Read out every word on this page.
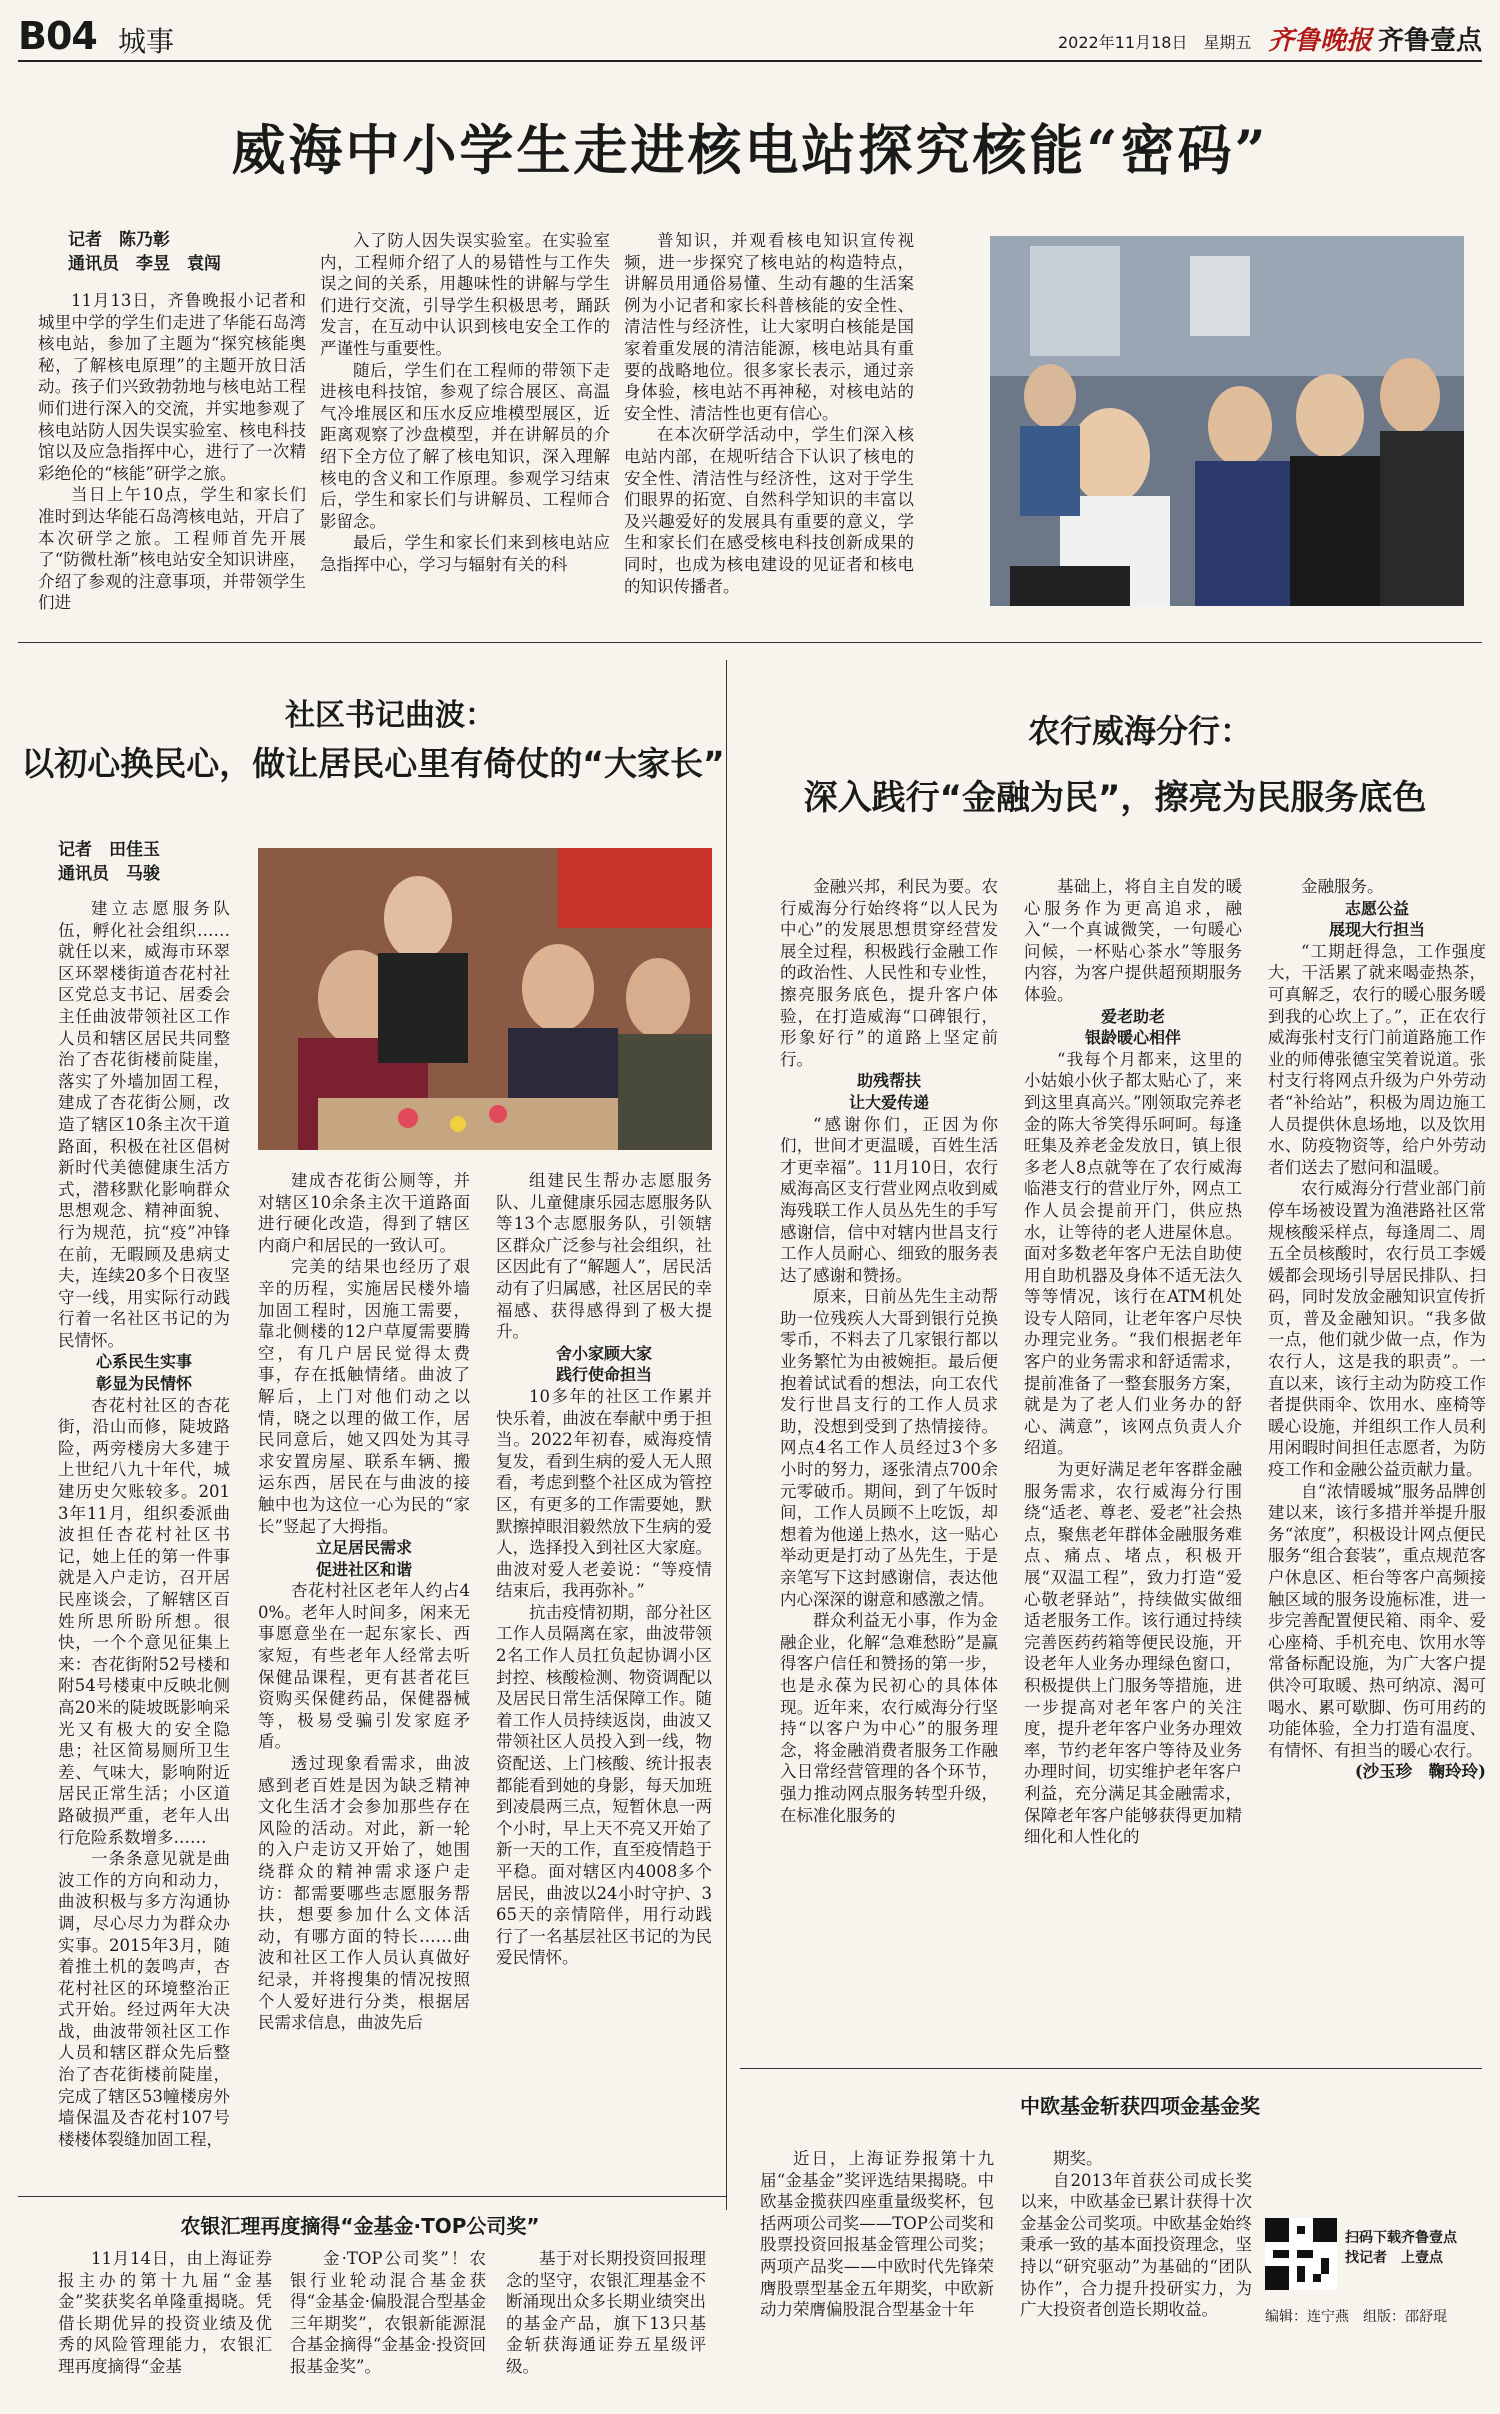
B04 城事	2022年11月18日　星期五 齐鲁晚报 齐鲁壹点
威海中小学生走进核电站探究核能“密码”
记者　陈乃彰
通讯员　李昱　袁闯

11月13日，齐鲁晚报小记者和城里中学的学生们走进了华能石岛湾核电站，参加了主题为“探究核能奥秘，了解核电原理”的主题开放日活动。孩子们兴致勃勃地与核电站工程师们进行深入的交流，并实地参观了核电站防人因失误实验室、核电科技馆以及应急指挥中心，进行了一次精彩绝伦的“核能”研学之旅。

当日上午10点，学生和家长们准时到达华能石岛湾核电站，开启了本次研学之旅。工程师首先开展了“防微杜渐”核电站安全知识讲座，介绍了参观的注意事项，并带领学生们进

入了防人因失误实验室。在实验室内，工程师介绍了人的易错性与工作失误之间的关系，用趣味性的讲解与学生们进行交流，引导学生积极思考，踊跃发言，在互动中认识到核电安全工作的严谨性与重要性。

随后，学生们在工程师的带领下走进核电科技馆，参观了综合展区、高温气冷堆展区和压水反应堆模型展区，近距离观察了沙盘模型，并在讲解员的介绍下全方位了解了核电知识，深入理解核电的含义和工作原理。参观学习结束后，学生和家长们与讲解员、工程师合影留念。

最后，学生和家长们来到核电站应急指挥中心，学习与辐射有关的科

普知识，并观看核电知识宣传视频，进一步探究了核电站的构造特点，讲解员用通俗易懂、生动有趣的生活案例为小记者和家长科普核能的安全性、清洁性与经济性，让大家明白核能是国家着重发展的清洁能源，核电站具有重要的战略地位。很多家长表示，通过亲身体验，核电站不再神秘，对核电站的安全性、清洁性也更有信心。

在本次研学活动中，学生们深入核电站内部，在规听结合下认识了核电的安全性、清洁性与经济性，这对于学生们眼界的拓宽、自然科学知识的丰富以及兴趣爱好的发展具有重要的意义，学生和家长们在感受核电科技创新成果的同时，也成为核电建设的见证者和核电的知识传播者。

社区书记曲波：
以初心换民心，做让居民心里有倚仗的“大家长”
记者　田佳玉
通讯员　马骏

建立志愿服务队伍，孵化社会组织……就任以来，威海市环翠区环翠楼街道杏花村社区党总支书记、居委会主任曲波带领社区工作人员和辖区居民共同整治了杏花街楼前陡崖，落实了外墙加固工程，建成了杏花街公厕，改造了辖区10条主次干道路面，积极在社区倡树新时代美德健康生活方式，潜移默化影响群众思想观念、精神面貌、行为规范，抗“疫”冲锋在前，无暇顾及患病丈夫，连续20多个日夜坚守一线，用实际行动践行着一名社区书记的为民情怀。

心系民生实事

彰显为民情怀

杏花村社区的杏花街，沿山而修，陡坡路险，两旁楼房大多建于上世纪八九十年代，城建历史欠账较多。2013年11月，组织委派曲波担任杏花村社区书记，她上任的第一件事就是入户走访，召开居民座谈会，了解辖区百姓所思所盼所想。很快，一个个意见征集上来：杏花街附52号楼和附54号楼東中反映北侧高20米的陡坡既影响采光又有极大的安全隐患；社区简易厕所卫生差、气味大，影响附近居民正常生活；小区道路破损严重，老年人出行危险系数增多……

一条条意见就是曲波工作的方向和动力，曲波积极与多方沟通协调，尽心尽力为群众办实事。2015年3月，随着推土机的轰鸣声，杏花村社区的环境整治正式开始。经过两年大决战，曲波带领社区工作人员和辖区群众先后整治了杏花街楼前陡崖，完成了辖区53幢楼房外墙保温及杏花村107号楼楼体裂缝加固工程，

建成杏花街公厕等，并对辖区10余条主次干道路面进行硬化改造，得到了辖区内商户和居民的一致认可。

完美的结果也经历了艰辛的历程，实施居民楼外墙加固工程时，因施工需要，靠北侧楼的12户草厦需要腾空，有几户居民觉得太费事，存在抵触情绪。曲波了解后，上门对他们动之以情，晓之以理的做工作，居民同意后，她又四处为其寻求安置房屋、联系车辆、搬运东西，居民在与曲波的接触中也为这位一心为民的“家长”竖起了大拇指。

立足居民需求

促进社区和谐

杏花村社区老年人约占40%。老年人时间多，闲来无事愿意坐在一起东家长、西家短，有些老年人经常去听保健品课程，更有甚者花巨资购买保健药品，保健器械等，极易受骗引发家庭矛盾。

透过现象看需求，曲波感到老百姓是因为缺乏精神文化生活才会参加那些存在风险的活动。对此，新一轮的入户走访又开始了，她围绕群众的精神需求逐户走访：都需要哪些志愿服务帮扶，想要参加什么文体活动，有哪方面的特长……曲波和社区工作人员认真做好纪录，并将搜集的情况按照个人爱好进行分类，根据居民需求信息，曲波先后

组建民生帮办志愿服务队、儿童健康乐园志愿服务队等13个志愿服务队，引领辖区群众广泛参与社会组织，社区因此有了“解题人”，居民活动有了归属感，社区居民的幸福感、获得感得到了极大提升。

舍小家顾大家

践行使命担当

10多年的社区工作累并快乐着，曲波在奉献中勇于担当。2022年初春，威海疫情复发，看到生病的爱人无人照看，考虑到整个社区成为管控区，有更多的工作需要她，默默擦掉眼泪毅然放下生病的爱人，选择投入到社区大家庭。曲波对爱人老姜说：“等疫情结束后，我再弥补。”

抗击疫情初期，部分社区工作人员隔离在家，曲波带领2名工作人员扛负起协调小区封控、核酸检测、物资调配以及居民日常生活保障工作。随着工作人员持续返岗，曲波又带领社区人员投入到一线，物资配送、上门核酸、统计报表都能看到她的身影，每天加班到凌晨两三点，短暂休息一两个小时，早上天不亮又开始了新一天的工作，直至疫情趋于平稳。面对辖区内4008多个居民，曲波以24小时守护、365天的亲情陪伴，用行动践行了一名基层社区书记的为民爱民情怀。

农行威海分行：
深入践行“金融为民”，擦亮为民服务底色

金融兴邦，利民为要。农行威海分行始终将“以人民为中心”的发展思想贯穿经营发展全过程，积极践行金融工作的政治性、人民性和专业性，擦亮服务底色，提升客户体验，在打造威海“口碑银行，形象好行”的道路上坚定前行。

助残帮扶

让大爱传递

“感谢你们，正因为你们，世间才更温暖，百姓生活才更幸福”。11月10日，农行威海高区支行营业网点收到威海残联工作人员丛先生的手写感谢信，信中对辖内世昌支行工作人员耐心、细致的服务表达了感谢和赞扬。

原来，日前丛先生主动帮助一位残疾人大哥到银行兑换零币，不料去了几家银行都以业务繁忙为由被婉拒。最后便抱着试试看的想法，向工农代发行世昌支行的工作人员求助，没想到受到了热情接待。网点4名工作人员经过3个多小时的努力，逐张清点700余元零破币。期间，到了午饭时间，工作人员顾不上吃饭，却想着为他递上热水，这一贴心举动更是打动了丛先生，于是亲笔写下这封感谢信，表达他内心深深的谢意和感激之情。

群众利益无小事，作为金融企业，化解“急难愁盼”是赢得客户信任和赞扬的第一步，也是永葆为民初心的具体体现。近年来，农行威海分行坚持“以客户为中心”的服务理念，将金融消费者服务工作融入日常经营管理的各个环节，强力推动网点服务转型升级，在标准化服务的

基础上，将自主自发的暖心服务作为更高追求，融入“一个真诚微笑，一句暖心问候，一杯贴心茶水”等服务内容，为客户提供超预期服务体验。

爱老助老

银龄暖心相伴

“我每个月都来，这里的小姑娘小伙子都太贴心了，来到这里真高兴。”刚领取完养老金的陈大爷笑得乐呵呵。每逢旺集及养老金发放日，镇上很多老人8点就等在了农行威海临港支行的营业厅外，网点工作人员会提前开门，供应热水，让等待的老人进屋休息。面对多数老年客户无法自助使用自助机器及身体不适无法久等等情况，该行在ATM机处设专人陪同，让老年客户尽快办理完业务。“我们根据老年客户的业务需求和舒适需求，提前准备了一整套服务方案，就是为了老人们业务办的舒心、满意”，该网点负责人介绍道。

为更好满足老年客群金融服务需求，农行威海分行围绕“适老、尊老、爱老”社会热点，聚焦老年群体金融服务难点、痛点、堵点，积极开展“双温工程”，致力打造“爱心敬老驿站”，持续做实做细适老服务工作。该行通过持续完善医药药箱等便民设施，开设老年人业务办理绿色窗口，积极提供上门服务等措施，进一步提高对老年客户的关注度，提升老年客户业务办理效率，节约老年客户等待及业务办理时间，切实维护老年客户利益，充分满足其金融需求，保障老年客户能够获得更加精细化和人性化的

金融服务。

志愿公益

展现大行担当

“工期赶得急，工作强度大，干活累了就来喝壶热茶，可真解乏，农行的暖心服务暖到我的心坎上了。”，正在农行威海张村支行门前道路施工作业的师傅张德宝笑着说道。张村支行将网点升级为户外劳动者“补给站”，积极为周边施工人员提供休息场地，以及饮用水、防疫物资等，给户外劳动者们送去了慰问和温暖。

农行威海分行营业部门前停车场被设置为渔港路社区常规核酸采样点，每逢周二、周五全员核酸时，农行员工李媛媛都会现场引导居民排队、扫码，同时发放金融知识宣传折页，普及金融知识。“我多做一点，他们就少做一点，作为农行人，这是我的职责”。一直以来，该行主动为防疫工作者提供雨伞、饮用水、座椅等暖心设施，并组织工作人员利用闲暇时间担任志愿者，为防疫工作和金融公益贡献力量。

自“浓情暖城”服务品牌创建以来，该行多措并举提升服务“浓度”，积极设计网点便民服务“组合套装”，重点规范客户休息区、柜台等客户高频接触区域的服务设施标准，进一步完善配置便民箱、雨伞、爱心座椅、手机充电、饮用水等常备标配设施，为广大客户提供冷可取暖、热可纳凉、渴可喝水、累可歇脚、伤可用药的功能体验，全力打造有温度、有情怀、有担当的暖心农行。

(沙玉珍　鞠玲玲)

中欧基金斩获四项金基金奖

近日，上海证券报第十九届“金基金”奖评选结果揭晓。中欧基金揽获四座重量级奖杯，包括两项公司奖——TOP公司奖和股票投资回报基金管理公司奖；两项产品奖——中欧时代先锋荣膺股票型基金五年期奖，中欧新动力荣膺偏股混合型基金十年

期奖。

自2013年首获公司成长奖以来，中欧基金已累计获得十次金基金公司奖项。中欧基金始终秉承一致的基本面投资理念，坚持以“研究驱动”为基础的“团队协作”，合力提升投研实力，为广大投资者创造长期收益。

农银汇理再度摘得“金基金·TOP公司奖”

11月14日，由上海证券报主办的第十九届“金基金”奖获奖名单隆重揭晓。凭借长期优异的投资业绩及优秀的风险管理能力，农银汇理再度摘得“金基

金·TOP公司奖”！农银行业轮动混合基金获得“金基金·偏股混合型基金三年期奖”，农银新能源混合基金摘得“金基金·投资回报基金奖”。

基于对长期投资回报理念的坚守，农银汇理基金不断涌现出众多长期业绩突出的基金产品，旗下13只基金斩获海通证券五星级评级。

扫码下载齐鲁壹点　找记者　上壹点
编辑：连宁燕　组版：邵舒琨
